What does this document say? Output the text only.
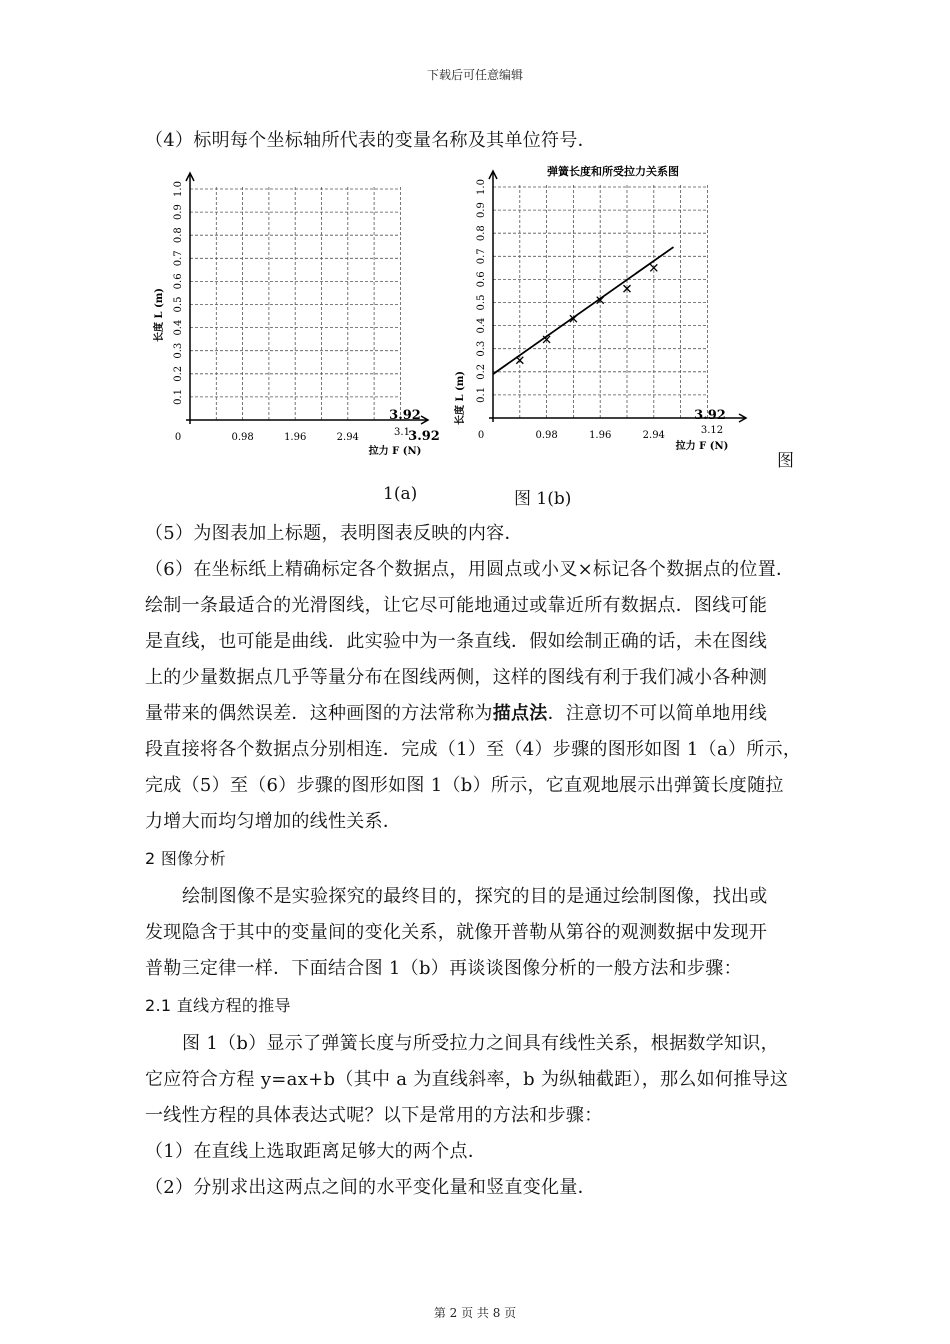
下载后可任意编辑
（4）标明每个坐标轴所代表的变量名称及其单位符号．
0.1
0.2
0.3
0.4
0.5
0.6
0.7
0.8
0.9
1.0
0	0.98	1.96	2.94
长度 L (m)
拉力 F (N)
3.1
3.92
3.92
弹簧长度和所受拉力关系图
0.1
0.2
0.3
0.4
0.5
0.6
0.7
0.8
0.9
1.0
0	0.98	1.96	2.94
长度 L (m)
拉力 F (N)
3.12
3.92
图
1(a)	图 1(b)
（5）为图表加上标题，表明图表反映的内容．
（6）在坐标纸上精确标定各个数据点，用圆点或小叉×标记各个数据点的位置．
绘制一条最适合的光滑图线，让它尽可能地通过或靠近所有数据点．图线可能
是直线，也可能是曲线．此实验中为一条直线．假如绘制正确的话，未在图线
上的少量数据点几乎等量分布在图线两侧，这样的图线有利于我们减小各种测
量带来的偶然误差．这种画图的方法常称为描点法．注意切不可以简单地用线
段直接将各个数据点分别相连．完成（1）至（4）步骤的图形如图 1（a）所示，
完成（5）至（6）步骤的图形如图 1（b）所示，它直观地展示出弹簧长度随拉
力增大而均匀增加的线性关系．
2 图像分析
绘制图像不是实验探究的最终目的，探究的目的是通过绘制图像，找出或
发现隐含于其中的变量间的变化关系，就像开普勒从第谷的观测数据中发现开
普勒三定律一样．下面结合图 1（b）再谈谈图像分析的一般方法和步骤：
2.1 直线方程的推导
图 1（b）显示了弹簧长度与所受拉力之间具有线性关系，根据数学知识，
它应符合方程 y=ax+b（其中 a 为直线斜率，b 为纵轴截距），那么如何推导这
一线性方程的具体表达式呢？以下是常用的方法和步骤：
（1）在直线上选取距离足够大的两个点．
（2）分别求出这两点之间的水平变化量和竖直变化量．
第 2 页 共 8 页
